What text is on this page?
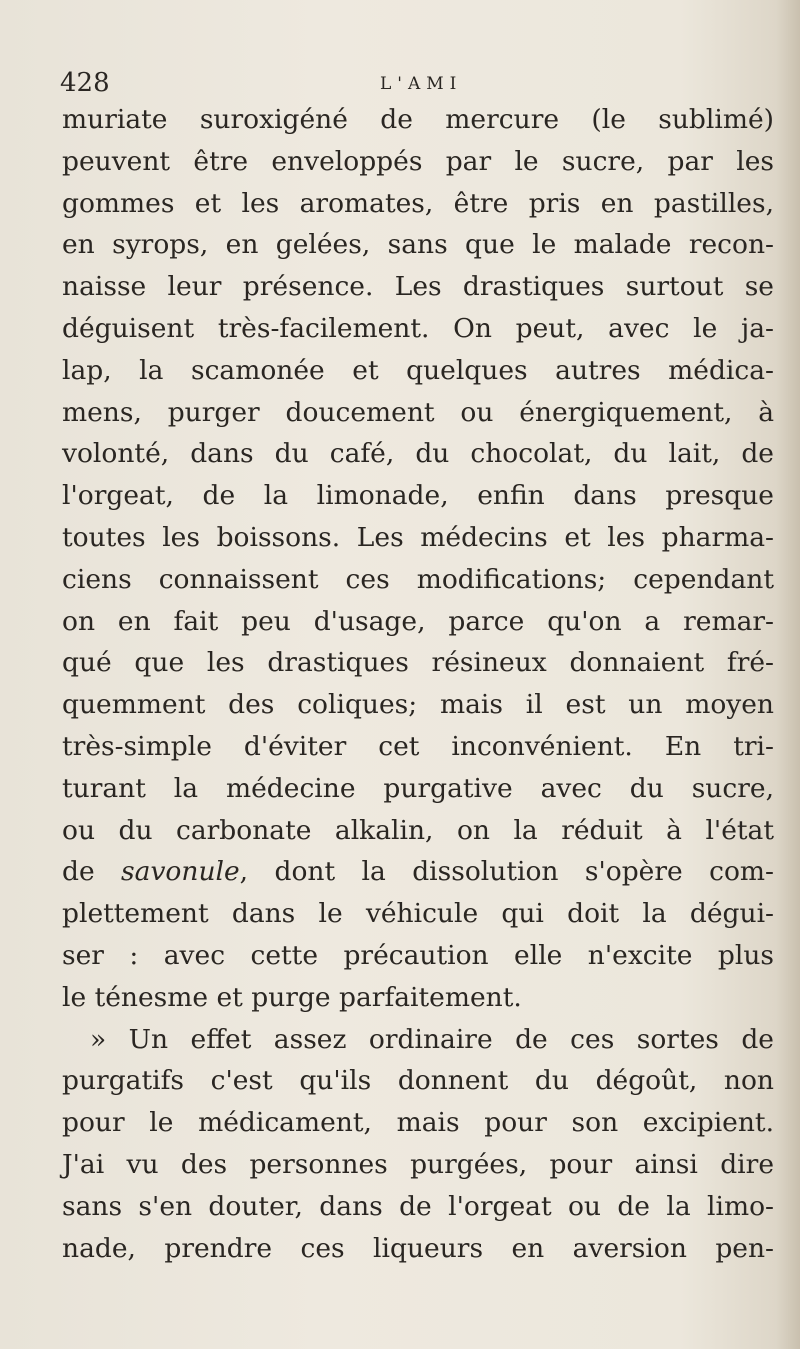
428	L'AMI
muriate suroxigéné de mercure (le sublimé)
peuvent être enveloppés par le sucre, par les
gommes et les aromates, être pris en pastilles,
en syrops, en gelées, sans que le malade recon-
naisse leur présence. Les drastiques surtout se
déguisent très-facilement. On peut, avec le ja-
lap, la scamonée et quelques autres médica-
mens, purger doucement ou énergiquement, à
volonté, dans du café, du chocolat, du lait, de
l'orgeat, de la limonade, enfin dans presque
toutes les boissons. Les médecins et les pharma-
ciens connaissent ces modifications; cependant
on en fait peu d'usage, parce qu'on a remar-
qué que les drastiques résineux donnaient fré-
quemment des coliques; mais il est un moyen
très-simple d'éviter cet inconvénient. En tri-
turant la médecine purgative avec du sucre,
ou du carbonate alkalin, on la réduit à l'état
de savonule, dont la dissolution s'opère com-
plettement dans le véhicule qui doit la dégui-
ser : avec cette précaution elle n'excite plus
le ténesme et purge parfaitement.
» Un effet assez ordinaire de ces sortes de
purgatifs c'est qu'ils donnent du dégoût, non
pour le médicament, mais pour son excipient.
J'ai vu des personnes purgées, pour ainsi dire
sans s'en douter, dans de l'orgeat ou de la limo-
nade, prendre ces liqueurs en aversion pen-
